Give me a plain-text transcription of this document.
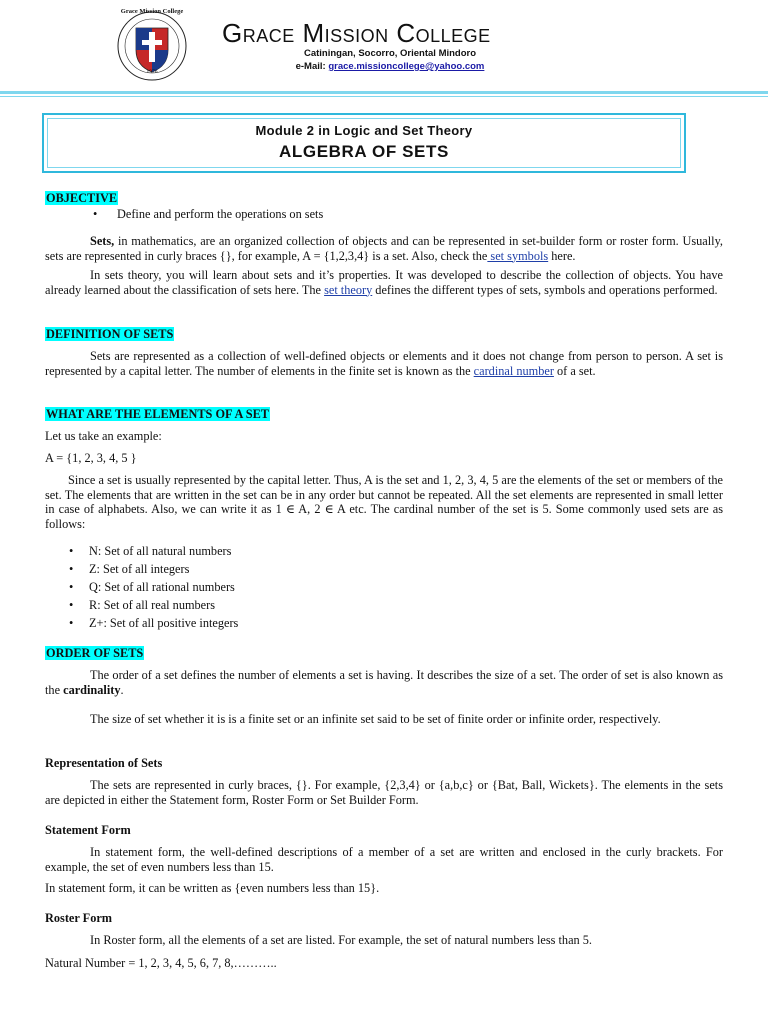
Grace Mission College
1976
Grace Mission College
Catiningan, Socorro, Oriental Mindoro
e-Mail: grace.missioncollege@yahoo.com
Module 2 in Logic and Set Theory
ALGEBRA OF SETS
OBJECTIVE
• Define and perform the operations on sets
Sets, in mathematics, are an organized collection of objects and can be represented in set-builder form or roster form. Usually, sets are represented in curly braces {}, for example, A = {1,2,3,4} is a set. Also, check the set symbols here.
In sets theory, you will learn about sets and it’s properties. It was developed to describe the collection of objects. You have already learned about the classification of sets here. The set theory defines the different types of sets, symbols and operations performed.
DEFINITION OF SETS
Sets are represented as a collection of well-defined objects or elements and it does not change from person to person. A set is represented by a capital letter. The number of elements in the finite set is known as the cardinal number of a set.
WHAT ARE THE ELEMENTS OF A SET
Let us take an example:
A = {1, 2, 3, 4, 5 }
Since a set is usually represented by the capital letter. Thus, A is the set and 1, 2, 3, 4, 5 are the elements of the set or members of the set. The elements that are written in the set can be in any order but cannot be repeated. All the set elements are represented in small letter in case of alphabets. Also, we can write it as 1 ∈ A, 2 ∈ A etc. The cardinal number of the set is 5. Some commonly used sets are as follows:
• N: Set of all natural numbers
• Z: Set of all integers
• Q: Set of all rational numbers
• R: Set of all real numbers
• Z+: Set of all positive integers
ORDER OF SETS
The order of a set defines the number of elements a set is having. It describes the size of a set. The order of set is also known as the cardinality.
The size of set whether it is is a finite set or an infinite set said to be set of finite order or infinite order, respectively.
Representation of Sets
The sets are represented in curly braces, {}. For example, {2,3,4} or {a,b,c} or {Bat, Ball, Wickets}. The elements in the sets are depicted in either the Statement form, Roster Form or Set Builder Form.
Statement Form
In statement form, the well-defined descriptions of a member of a set are written and enclosed in the curly brackets. For example, the set of even numbers less than 15.
In statement form, it can be written as {even numbers less than 15}.
Roster Form
In Roster form, all the elements of a set are listed. For example, the set of natural numbers less than 5.
Natural Number = 1, 2, 3, 4, 5, 6, 7, 8,………..
